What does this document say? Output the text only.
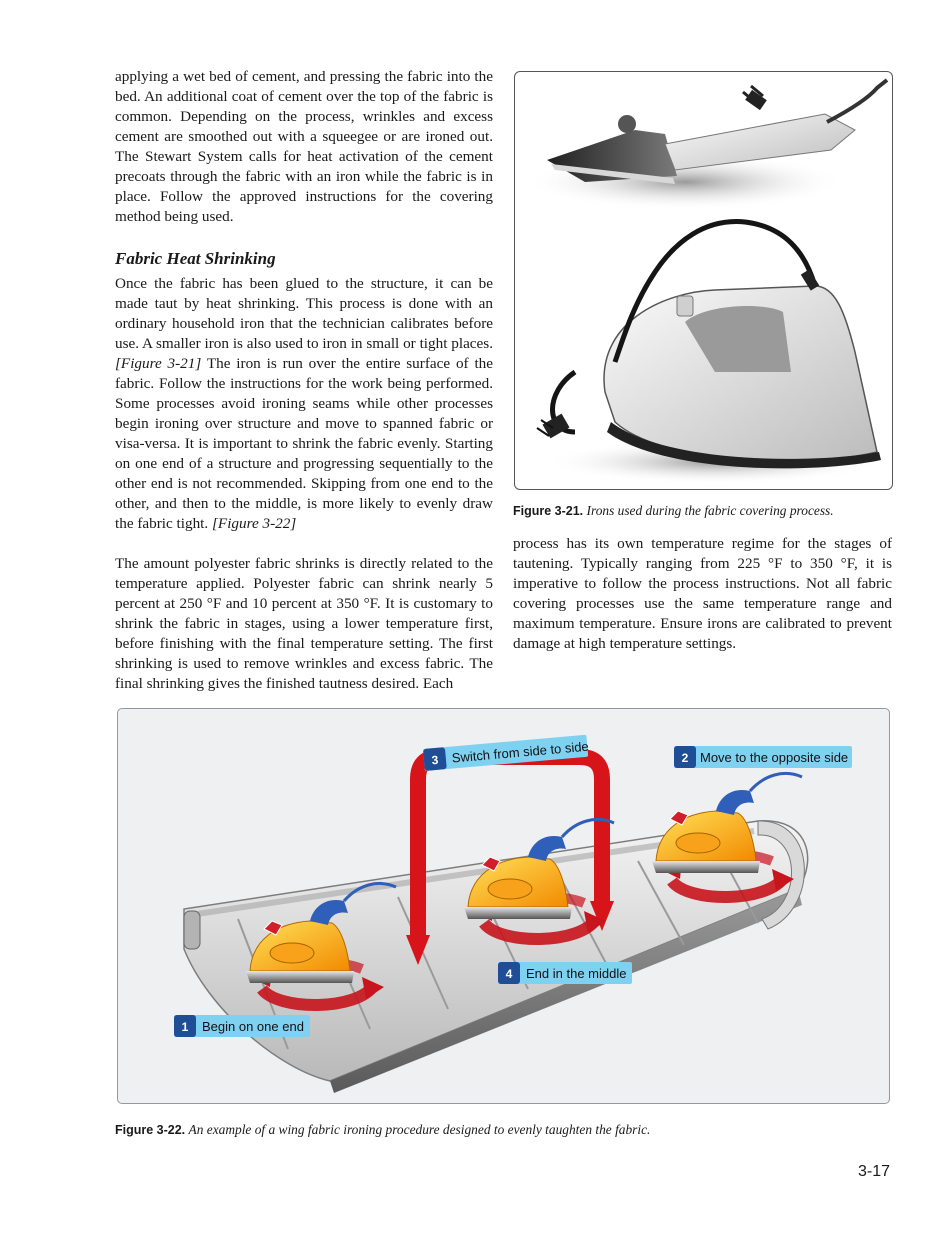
applying a wet bed of cement, and pressing the fabric into the bed. An additional coat of cement over the top of the fabric is common. Depending on the process, wrinkles and excess cement are smoothed out with a squeegee or are ironed out. The Stewart System calls for heat activation of the cement precoats through the fabric with an iron while the fabric is in place. Follow the approved instructions for the covering method being used.

Fabric Heat Shrinking

Once the fabric has been glued to the structure, it can be made taut by heat shrinking. This process is done with an ordinary household iron that the technician calibrates before use. A smaller iron is also used to iron in small or tight places. [Figure 3-21] The iron is run over the entire surface of the fabric. Follow the instructions for the work being performed. Some processes avoid ironing seams while other processes begin ironing over structure and move to spanned fabric or visa-versa. It is important to shrink the fabric evenly. Starting on one end of a structure and progressing sequentially to the other end is not recommended. Skipping from one end to the other, and then to the middle, is more likely to evenly draw the fabric tight. [Figure 3-22]

The amount polyester fabric shrinks is directly related to the temperature applied. Polyester fabric can shrink nearly 5 percent at 250 °F and 10 percent at 350 °F. It is customary to shrink the fabric in stages, using a lower temperature first, before finishing with the final temperature setting. The first shrinking is used to remove wrinkles and excess fabric. The final shrinking gives the finished tautness desired. Each

Figure 3-21. Irons used during the fabric covering process.

process has its own temperature regime for the stages of tautening. Typically ranging from 225 °F to 350 °F, it is imperative to follow the process instructions. Not all fabric covering processes use the same temperature range and maximum temperature. Ensure irons are calibrated to prevent damage at high temperature settings.

1 Begin on one end
2 Move to the opposite side
3 Switch from side to side
4 End in the middle
Figure 3-22. An example of a wing fabric ironing procedure designed to evenly taughten the fabric.
3-17
